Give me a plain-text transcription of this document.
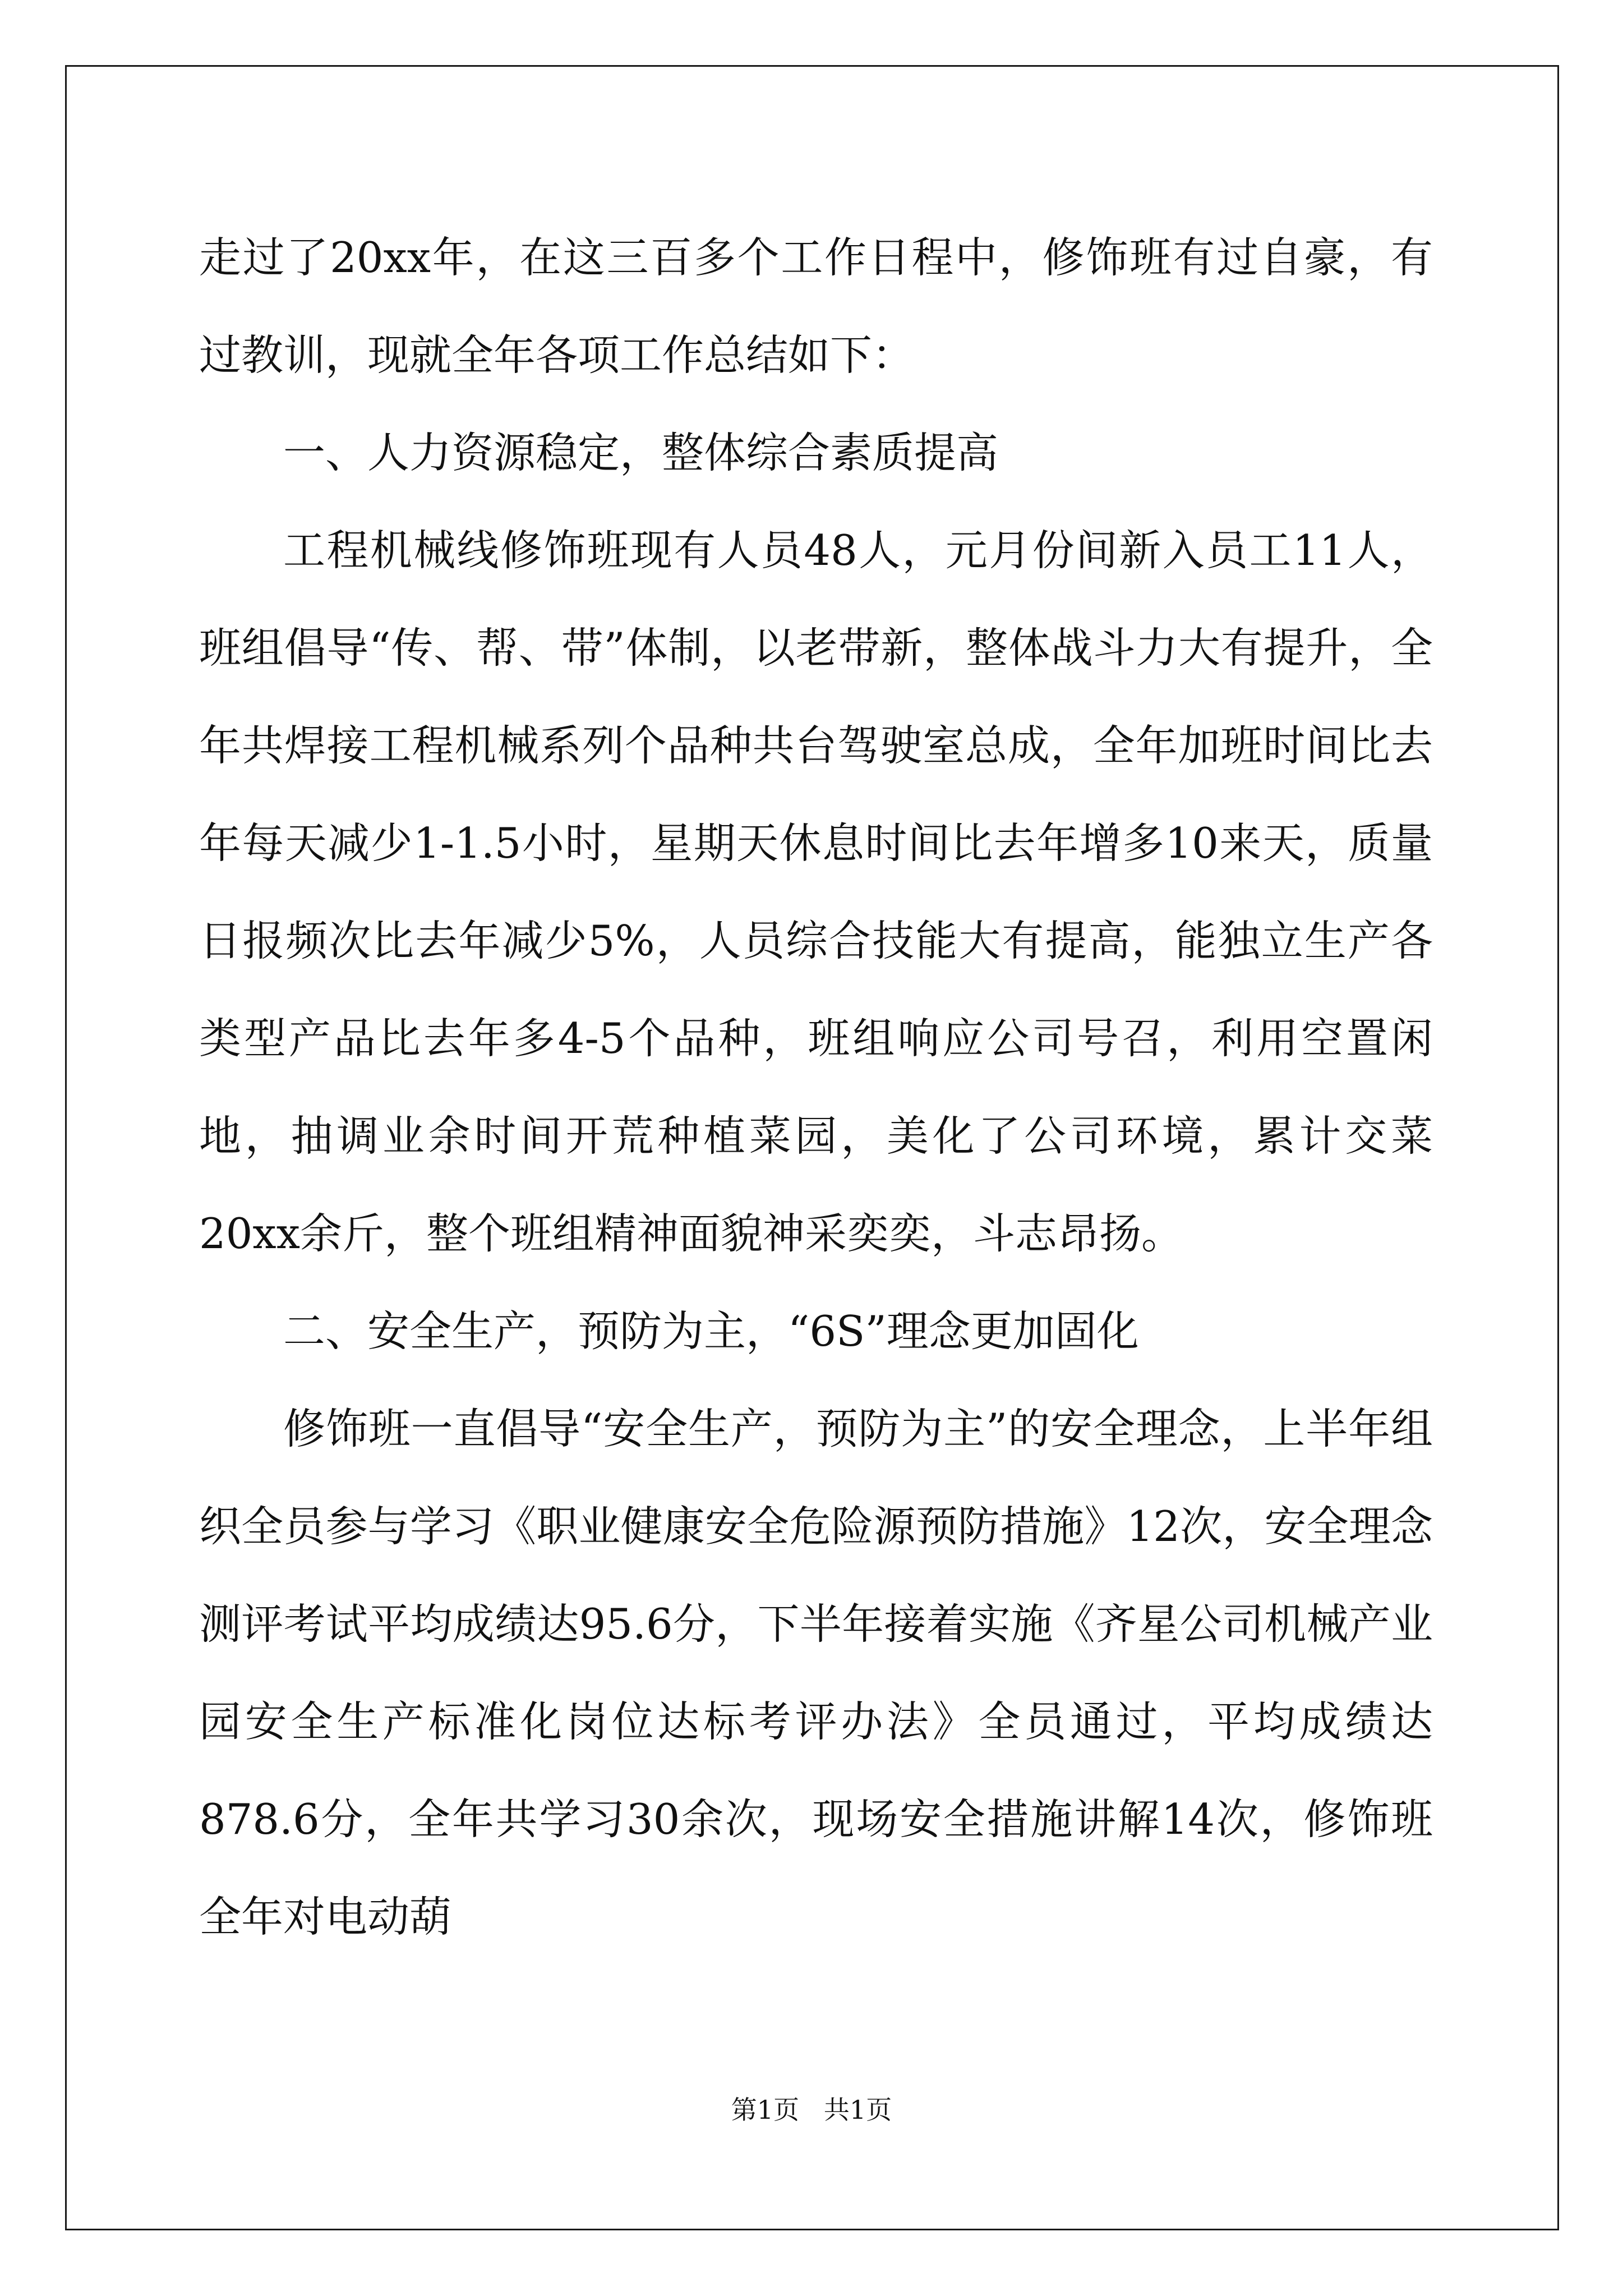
走过了20xx年，在这三百多个工作日程中，修饰班有过自豪，有过教训，现就全年各项工作总结如下：

一、人力资源稳定，整体综合素质提高

工程机械线修饰班现有人员48人，元月份间新入员工11人，班组倡导“传、帮、带”体制，以老带新，整体战斗力大有提升，全年共焊接工程机械系列个品种共台驾驶室总成，全年加班时间比去年每天减少1-1.5小时，星期天休息时间比去年增多10来天，质量日报频次比去年减少5%，人员综合技能大有提高，能独立生产各类型产品比去年多4-5个品种，班组响应公司号召，利用空置闲地，抽调业余时间开荒种植菜园，美化了公司环境，累计交菜20xx余斤，整个班组精神面貌神采奕奕，斗志昂扬。

二、安全生产，预防为主，“6S”理念更加固化

修饰班一直倡导“安全生产，预防为主”的安全理念，上半年组织全员参与学习《职业健康安全危险源预防措施》12次，安全理念测评考试平均成绩达95.6分，下半年接着实施《齐星公司机械产业园安全生产标准化岗位达标考评办法》全员通过，平均成绩达878.6分，全年共学习30余次，现场安全措施讲解14次，修饰班全年对电动葫

第1页   共1页
